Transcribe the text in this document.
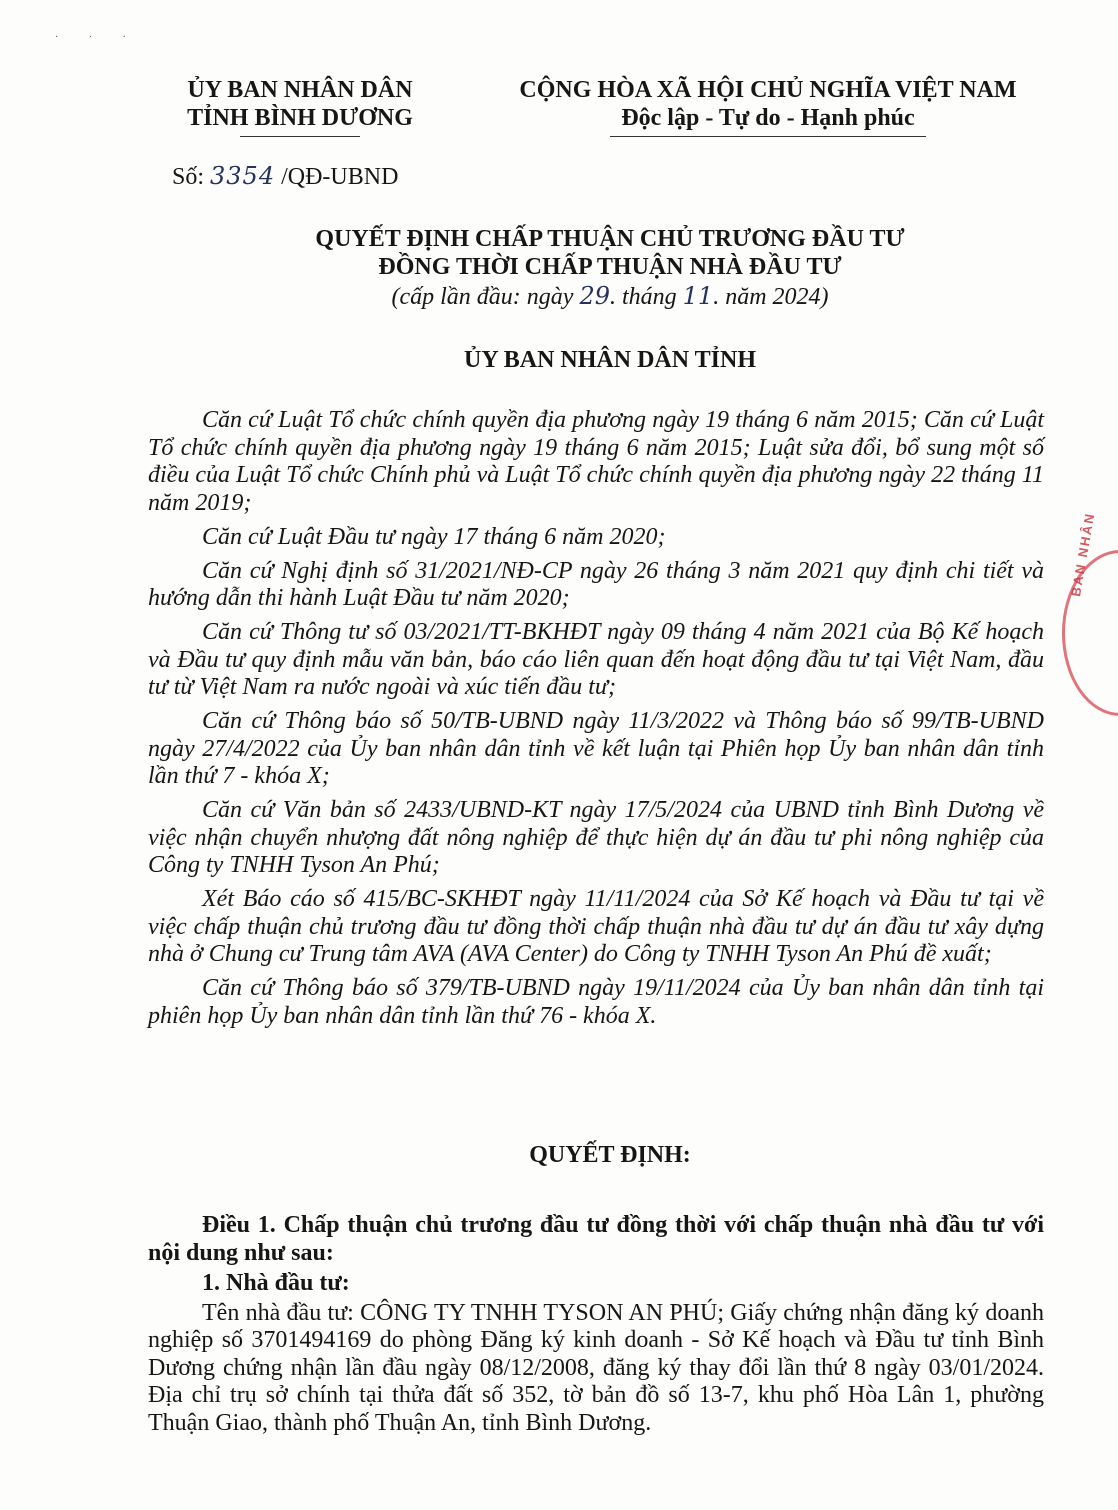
· · ·
ỦY BAN NHÂN DÂN
TỈNH BÌNH DƯƠNG
CỘNG HÒA XÃ HỘI CHỦ NGHĨA VIỆT NAM
Độc lập - Tự do - Hạnh phúc
Số: 3354 /QĐ-UBND
QUYẾT ĐỊNH CHẤP THUẬN CHỦ TRƯƠNG ĐẦU TƯ
ĐỒNG THỜI CHẤP THUẬN NHÀ ĐẦU TƯ
(cấp lần đầu: ngày 29. tháng 11. năm 2024)
ỦY BAN NHÂN DÂN TỈNH

Căn cứ Luật Tổ chức chính quyền địa phương ngày 19 tháng 6 năm 2015; Căn cứ Luật Tổ chức chính quyền địa phương ngày 19 tháng 6 năm 2015; Luật sửa đổi, bổ sung một số điều của Luật Tổ chức Chính phủ và Luật Tổ chức chính quyền địa phương ngày 22 tháng 11 năm 2019;

Căn cứ Luật Đầu tư ngày 17 tháng 6 năm 2020;

Căn cứ Nghị định số 31/2021/NĐ-CP ngày 26 tháng 3 năm 2021 quy định chi tiết và hướng dẫn thi hành Luật Đầu tư năm 2020;

Căn cứ Thông tư số 03/2021/TT-BKHĐT ngày 09 tháng 4 năm 2021 của Bộ Kế hoạch và Đầu tư quy định mẫu văn bản, báo cáo liên quan đến hoạt động đầu tư tại Việt Nam, đầu tư từ Việt Nam ra nước ngoài và xúc tiến đầu tư;

Căn cứ Thông báo số 50/TB-UBND ngày 11/3/2022 và Thông báo số 99/TB-UBND ngày 27/4/2022 của Ủy ban nhân dân tỉnh về kết luận tại Phiên họp Ủy ban nhân dân tỉnh lần thứ 7 - khóa X;

Căn cứ Văn bản số 2433/UBND-KT ngày 17/5/2024 của UBND tỉnh Bình Dương về việc nhận chuyển nhượng đất nông nghiệp để thực hiện dự án đầu tư phi nông nghiệp của Công ty TNHH Tyson An Phú;

Xét Báo cáo số 415/BC-SKHĐT ngày 11/11/2024 của Sở Kế hoạch và Đầu tư tại về việc chấp thuận chủ trương đầu tư đồng thời chấp thuận nhà đầu tư dự án đầu tư xây dựng nhà ở Chung cư Trung tâm AVA (AVA Center) do Công ty TNHH Tyson An Phú đề xuất;

Căn cứ Thông báo số 379/TB-UBND ngày 19/11/2024 của Ủy ban nhân dân tỉnh tại phiên họp Ủy ban nhân dân tỉnh lần thứ 76 - khóa X.

QUYẾT ĐỊNH:

Điều 1. Chấp thuận chủ trương đầu tư đồng thời với chấp thuận nhà đầu tư với nội dung như sau:

1. Nhà đầu tư:

Tên nhà đầu tư: CÔNG TY TNHH TYSON AN PHÚ; Giấy chứng nhận đăng ký doanh nghiệp số 3701494169 do phòng Đăng ký kinh doanh - Sở Kế hoạch và Đầu tư tỉnh Bình Dương chứng nhận lần đầu ngày 08/12/2008, đăng ký thay đổi lần thứ 8 ngày 03/01/2024. Địa chỉ trụ sở chính tại thửa đất số 352, tờ bản đồ số 13-7, khu phố Hòa Lân 1, phường Thuận Giao, thành phố Thuận An, tỉnh Bình Dương.

BAN NHÂN
